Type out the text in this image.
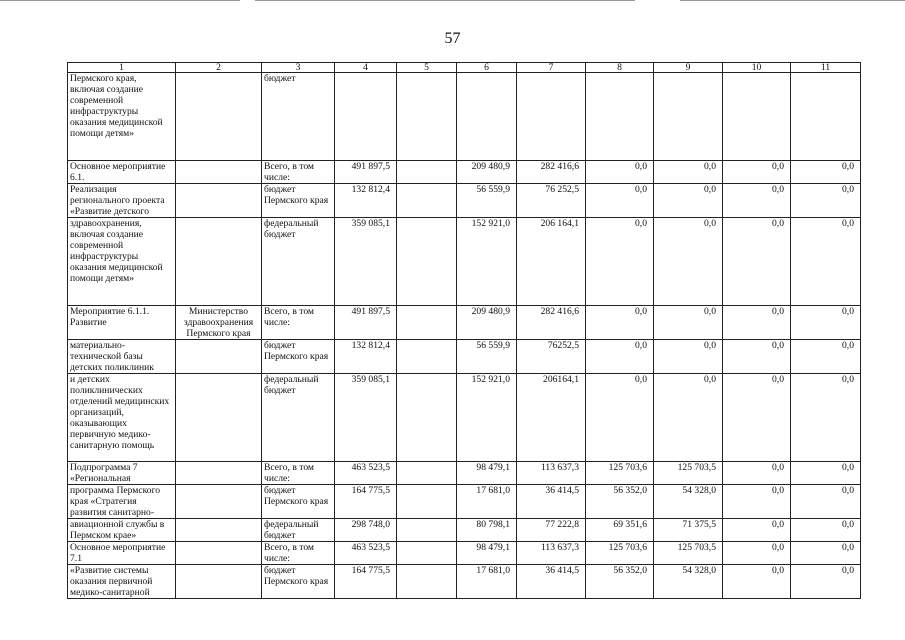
57
1	2	3	4	5	6	7	8	9	10	11
Пермского края, включая создание современной инфраструктуры оказания медицинской помощи детям»		бюджет								
Основное мероприятие 6.1.		Всего, в том числе:	491 897,5		209 480,9	282 416,6	0,0	0,0	0,0	0,0
Реализация регионального проекта «Развитие детского		бюджет Пермского края	132 812,4		56 559,9	76 252,5	0,0	0,0	0,0	0,0
здравоохранения, включая создание современной инфраструктуры оказания медицинской помощи детям»		федеральный бюджет	359 085,1		152 921,0	206 164,1	0,0	0,0	0,0	0,0
Мероприятие 6.1.1. Развитие	Министерство здравоохранения Пермского края	Всего, в том числе:	491 897,5		209 480,9	282 416,6	0,0	0,0	0,0	0,0
материально-технической базы детских поликлиник		бюджет Пермского края	132 812,4		56 559,9	76252,5	0,0	0,0	0,0	0,0
и детских поликлинических отделений медицинских организаций, оказывающих первичную медико-санитарную помощь		федеральный бюджет	359 085,1		152 921,0	206164,1	0,0	0,0	0,0	0,0
Подпрограмма 7 «Региональная		Всего, в том числе:	463 523,5		98 479,1	113 637,3	125 703,6	125 703,5	0,0	0,0
программа Пермского края «Стратегия развития санитарно-		бюджет Пермского края	164 775,5		17 681,0	36 414,5	56 352,0	54 328,0	0,0	0,0
авиационной службы в Пермском крае»		федеральный бюджет	298 748,0		80 798,1	77 222,8	69 351,6	71 375,5	0,0	0,0
Основное мероприятие 7.1		Всего, в том числе:	463 523,5		98 479,1	113 637,3	125 703,6	125 703,5	0,0	0,0
«Развитие системы оказания первичной медико-санитарной		бюджет Пермского края	164 775,5		17 681,0	36 414,5	56 352,0	54 328,0	0,0	0,0
